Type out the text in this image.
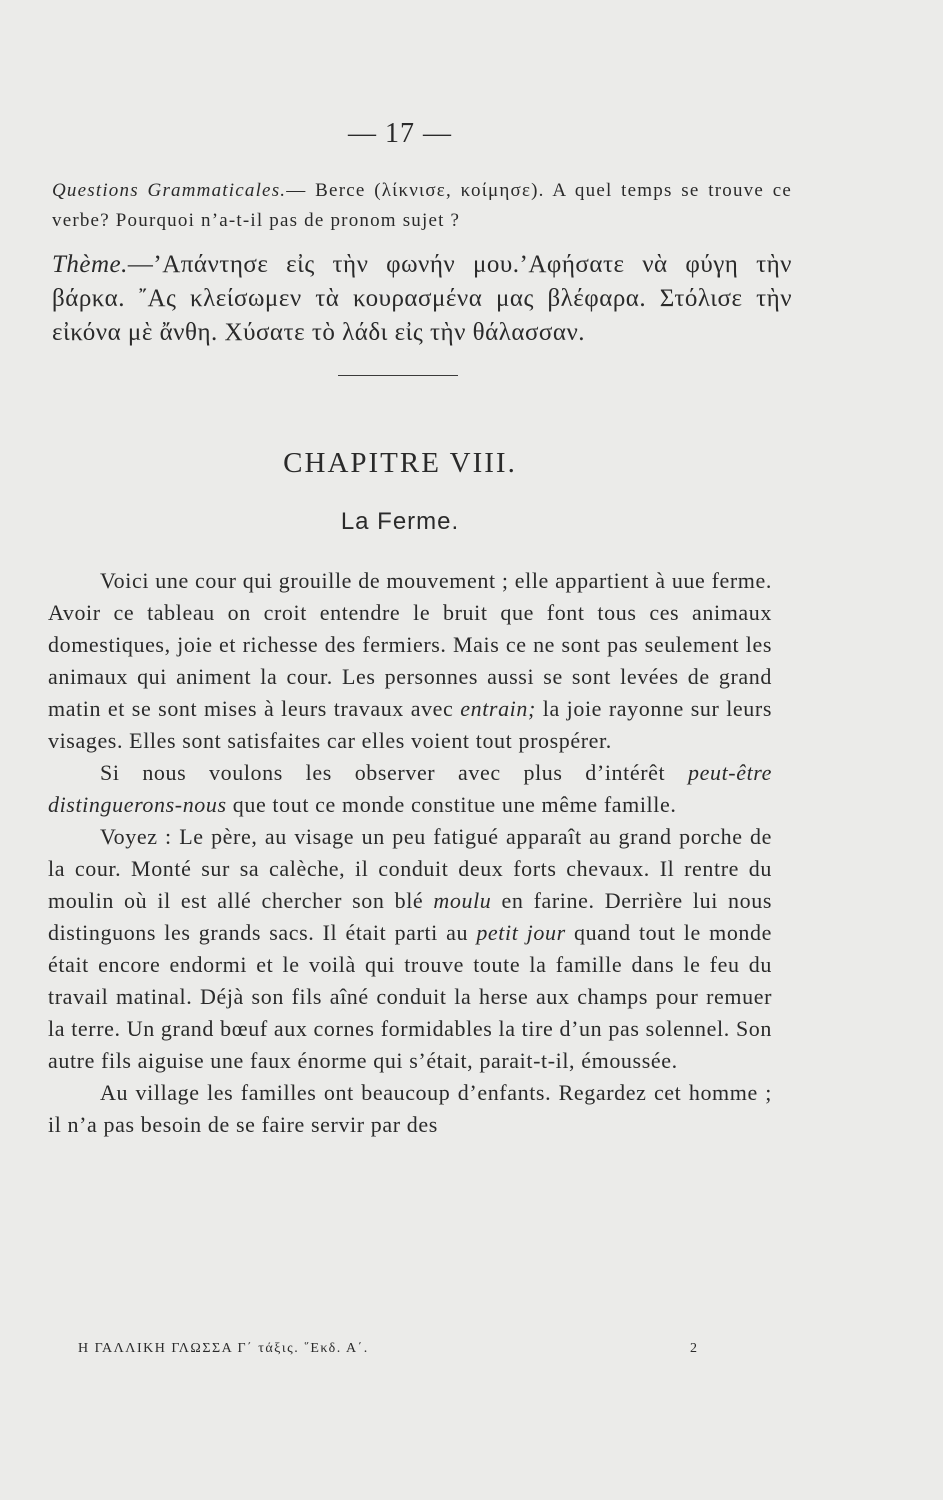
— 17 —
Questions Grammaticales.— Berce (λίκνισε, κοίμησε). A quel temps se trouve ce verbe? Pourquoi n’a-t-il pas de pronom sujet ?
Thème.—’Απάντησε εἰς τὴν φωνήν μου.’Αφήσατε νὰ φύγη τὴν βάρκα. ῎Ας κλείσωμεν τὰ κουρασμένα μας βλέφαρα. Στόλισε τὴν εἰκόνα μὲ ἄνθη. Χύσατε τὸ λάδι εἰς τὴν θάλασσαν.
CHAPITRE VIII.
La Ferme.

Voici une cour qui grouille de mouvement ; elle appartient à uue ferme. Avoir ce tableau on croit entendre le bruit que font tous ces animaux domestiques, joie et richesse des fermiers. Mais ce ne sont pas seulement les animaux qui animent la cour. Les personnes aussi se sont levées de grand matin et se sont mises à leurs travaux avec entrain; la joie rayonne sur leurs visages. Elles sont satisfaites car elles voient tout prospérer.

Si nous voulons les observer avec plus d’intérêt peut-être distinguerons-nous que tout ce monde constitue une même famille.

Voyez : Le père, au visage un peu fatigué apparaît au grand porche de la cour. Monté sur sa calèche, il conduit deux forts chevaux. Il rentre du moulin où il est allé chercher son blé moulu en farine. Derrière lui nous distinguons les grands sacs. Il était parti au petit jour quand tout le monde était encore endormi et le voilà qui trouve toute la famille dans le feu du travail matinal. Déjà son fils aîné conduit la herse aux champs pour remuer la terre. Un grand bœuf aux cornes formidables la tire d’un pas solennel. Son autre fils aiguise une faux énorme qui s’était, parait-t-il, émoussée.

Au village les familles ont beaucoup d’enfants. Regardez cet homme ; il n’a pas besoin de se faire servir par des

Η ΓΑΛΛΙΚΗ ΓΛΩΣΣΑ Γ΄ τάξις. ῞Εκδ. Α΄.	2
